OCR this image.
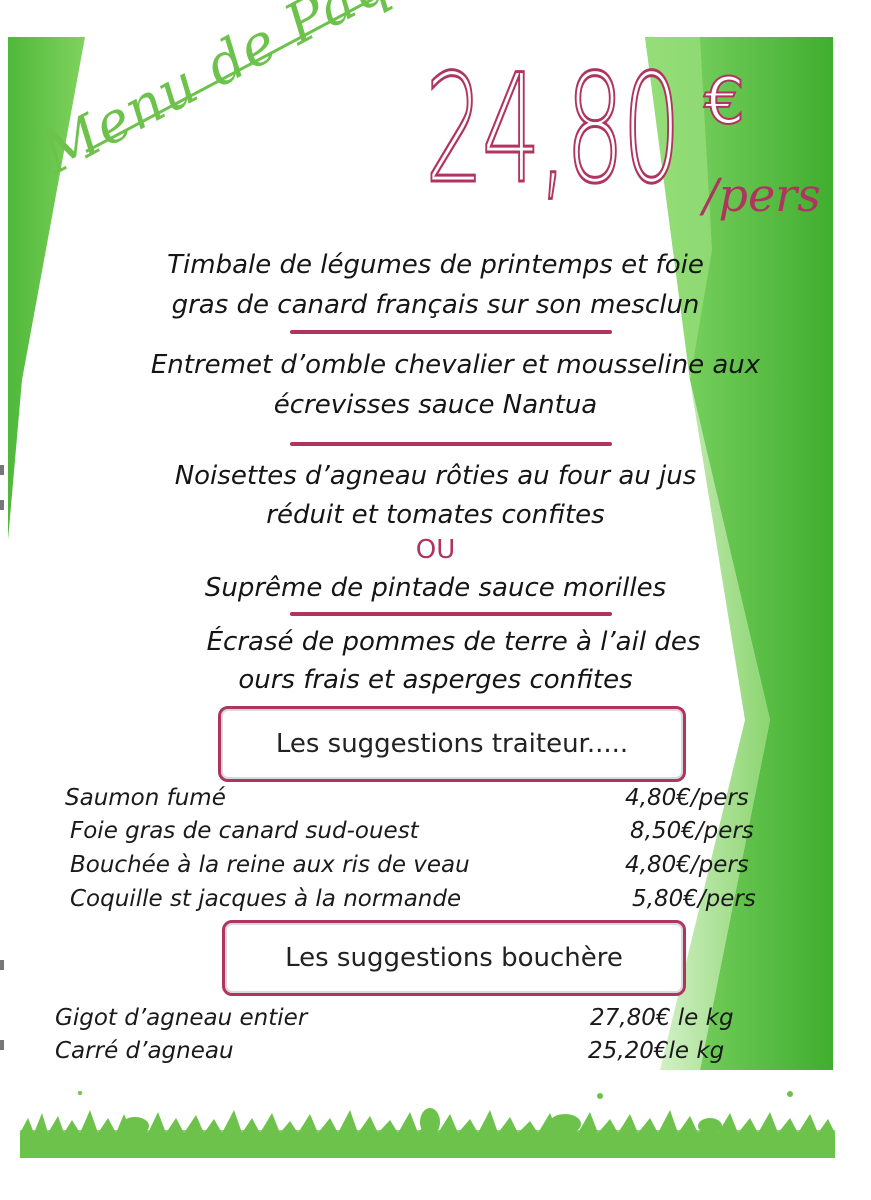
24,80 €
/pers
Timbale de légumes de printemps et foie
gras de canard français sur son mesclun
Entremet d’omble chevalier et mousseline aux
écrevisses sauce Nantua
Noisettes d’agneau rôties au four au jus
réduit et tomates confites
OU
Suprême de pintade sauce morilles
Écrasé de pommes de terre à l’ail des
ours frais et asperges confites
Les suggestions traiteur.....
Saumon fumé	4,80€/pers
Foie gras de canard sud-ouest	8,50€/pers
Bouchée à la reine aux ris de veau	4,80€/pers
Coquille st jacques à la normande	5,80€/pers
Les suggestions bouchère
Gigot d’agneau entier	27,80€ le kg
Carré d’agneau	25,20€le kg
